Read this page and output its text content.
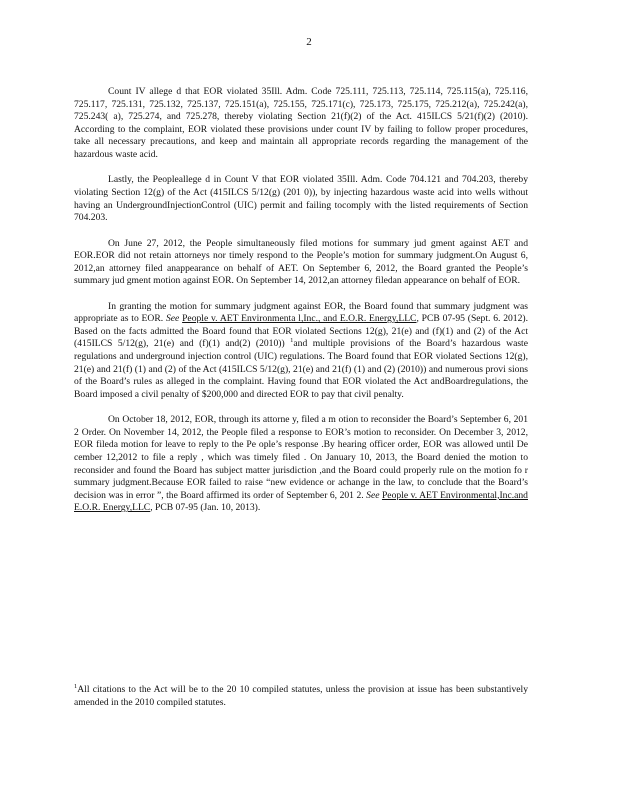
2

Count IV allege d that EOR violated 35Ill. Adm. Code 725.111, 725.113, 725.114, 725.115(a), 725.116, 725.117, 725.131, 725.132, 725.137, 725.151(a), 725.155, 725.171(c), 725.173, 725.175, 725.212(a), 725.242(a), 725.243( a), 725.274, and 725.278, thereby violating Section 21(f)(2) of the Act. 415ILCS 5/21(f)(2) (2010). According to the complaint, EOR violated these provisions under count IV by failing to follow proper procedures, take all necessary precautions, and keep and maintain all appropriate records regarding the management of the hazardous waste acid.

Lastly, the Peopleallege d in Count V that EOR violated 35Ill. Adm. Code 704.121 and 704.203, thereby violating Section 12(g) of the Act (415ILCS 5/12(g) (201 0)), by injecting hazardous waste acid into wells without having an UndergroundInjectionControl (UIC) permit and failing tocomply with the listed requirements of Section 704.203.

On June 27, 2012, the People simultaneously filed motions for summary jud gment against AET and EOR.EOR did not retain attorneys nor timely respond to the People’s motion for summary judgment.On August 6, 2012,an attorney filed anappearance on behalf of AET. On September 6, 2012, the Board granted the People’s summary jud gment motion against EOR. On September 14, 2012,an attorney filedan appearance on behalf of EOR.

In granting the motion for summary judgment against EOR, the Board found that summary judgment was appropriate as to EOR. See People v. AET Environmenta l,Inc., and E.O.R. Energy,LLC, PCB 07-95 (Sept. 6. 2012). Based on the facts admitted the Board found that EOR violated Sections 12(g), 21(e) and (f)(1) and (2) of the Act (415ILCS 5/12(g), 21(e) and (f)(1) and(2) (2010)) $^1$and multiple provisions of the Board’s hazardous waste regulations and underground injection control (UIC) regulations. The Board found that EOR violated Sections 12(g), 21(e) and 21(f) (1) and (2) of the Act (415ILCS 5/12(g), 21(e) and 21(f) (1) and (2) (2010)) and numerous provi sions of the Board’s rules as alleged in the complaint. Having found that EOR violated the Act andBoardregulations, the Board imposed a civil penalty of $200,000 and directed EOR to pay that civil penalty.

On October 18, 2012, EOR, through its attorne y, filed a m otion to reconsider the Board’s September 6, 201 2 Order. On November 14, 2012, the People filed a response to EOR’s motion to reconsider. On December 3, 2012, EOR fileda motion for leave to reply to the Pe ople’s response .By hearing officer order, EOR was allowed until De cember 12,2012 to file a reply , which was timely filed . On January 10, 2013, the Board denied the motion to reconsider and found the Board has subject matter jurisdiction ,and the Board could properly rule on the motion fo r summary judgment.Because EOR failed to raise “new evidence or achange in the law, to conclude that the Board’s decision was in error ”, the Board affirmed its order of September 6, 201 2. See People v. AET Environmental,Inc.and E.O.R. Energy,LLC, PCB 07-95 (Jan. 10, 2013).

$^1$All citations to the Act will be to the 20 10 compiled statutes, unless the provision at issue has been substantively amended in the 2010 compiled statutes.
